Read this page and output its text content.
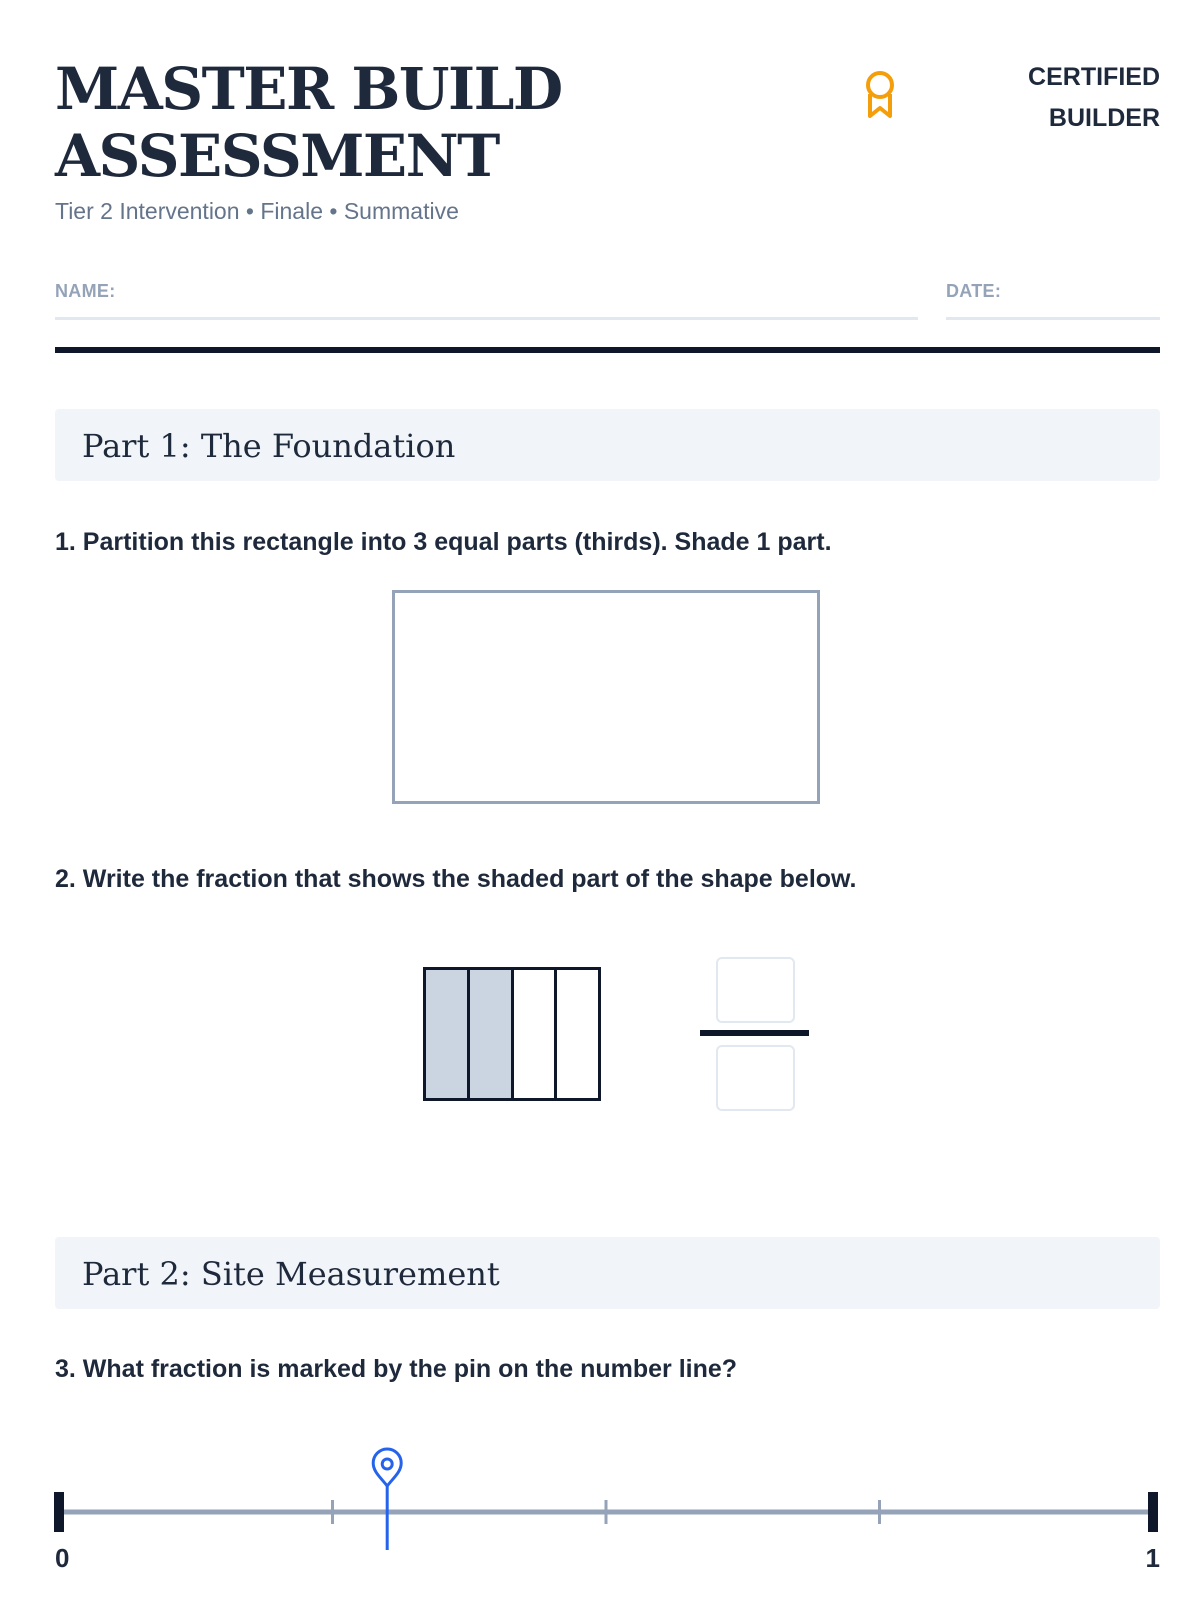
MASTER BUILD
ASSESSMENT
Tier 2 Intervention • Finale • Summative
CERTIFIED
BUILDER
NAME:	DATE:
Part 1: The Foundation
1. Partition this rectangle into 3 equal parts (thirds). Shade 1 part.
2. Write the fraction that shows the shaded part of the shape below.
Part 2: Site Measurement
3. What fraction is marked by the pin on the number line?
0	1
